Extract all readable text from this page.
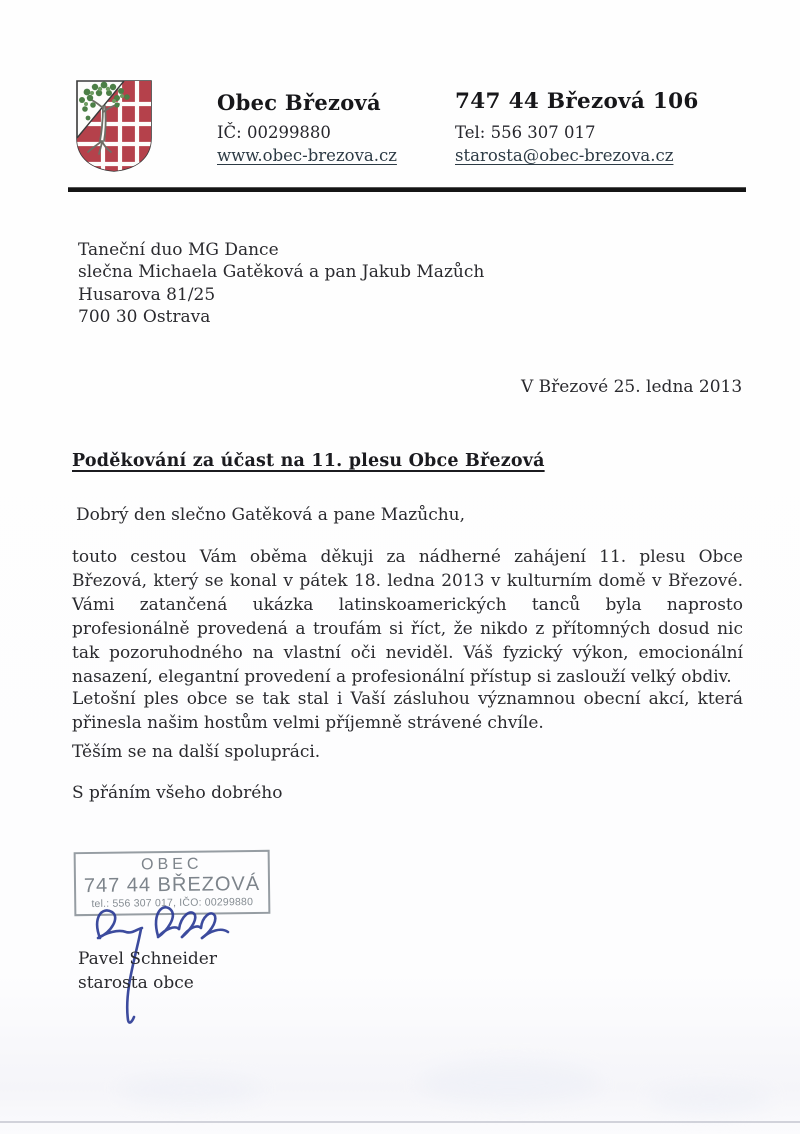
Obec Březová
IČ: 00299880
www.obec-brezova.cz
747 44 Březová 106
Tel: 556 307 017
starosta@obec-brezova.cz
Taneční duo MG Dance
slečna Michaela Gatěková a pan Jakub Mazůch
Husarova 81/25
700 30 Ostrava
V Březové 25. ledna 2013
Poděkování za účast na 11. plesu Obce Březová
Dobrý den slečno Gatěková a pane Mazůchu,
touto cestou Vám oběma děkuji za nádherné zahájení 11. plesu Obce Březová, který se konal v pátek 18. ledna 2013 v kulturním domě v Březové. Vámi zatančená ukázka latinskoamerických tanců byla naprosto profesionálně provedená a troufám si říct, že nikdo z přítomných dosud nic tak pozoruhodného na vlastní oči neviděl. Váš fyzický výkon, emocionální nasazení, elegantní provedení a profesionální přístup si zaslouží velký obdiv.
Letošní ples obce se tak stal i Vaší zásluhou významnou obecní akcí, která přinesla našim hostům velmi příjemně strávené chvíle.
Těším se na další spolupráci.
S přáním všeho dobrého
OBEC
747 44 BŘEZOVÁ
tel.: 556 307 017, IČO: 00299880
Pavel Schneider
starosta obce
